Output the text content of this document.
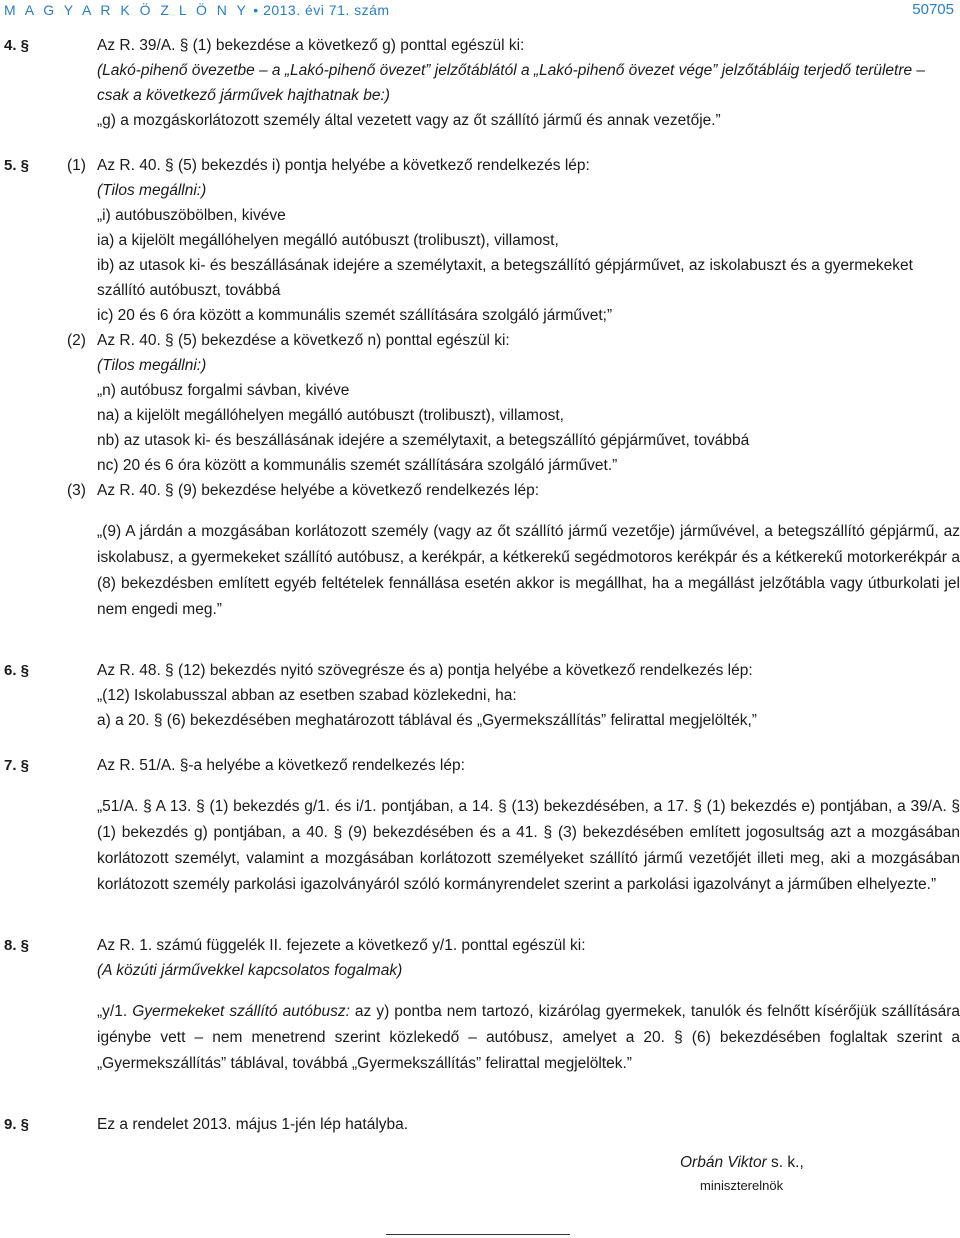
M A G Y A R K Ö Z L Ö N Y • 2013. évi 71. szám	50705
4. §	Az R. 39/A. § (1) bekezdése a következő g) ponttal egészül ki:

(Lakó-pihenő övezetbe – a „Lakó-pihenő övezet” jelzőtáblától a „Lakó-pihenő övezet vége” jelzőtábláig terjedő területre –

csak a következő járművek hajthatnak be:)

„g) a mozgáskorlátozott személy által vezetett vagy az őt szállító jármű és annak vezetője.”

5. §	(1) Az R. 40. § (5) bekezdés i) pontja helyébe a következő rendelkezés lép:

(Tilos megállni:)

„i) autóbuszöbölben, kivéve

ia) a kijelölt megállóhelyen megálló autóbuszt (trolibuszt), villamost,

ib) az utasok ki- és beszállásának idejére a személytaxit, a betegszállító gépjárművet, az iskolabuszt és a gyermekeket

szállító autóbuszt, továbbá

ic) 20 és 6 óra között a kommunális szemét szállítására szolgáló járművet;”

(2) Az R. 40. § (5) bekezdése a következő n) ponttal egészül ki:

(Tilos megállni:)

„n) autóbusz forgalmi sávban, kivéve

na) a kijelölt megállóhelyen megálló autóbuszt (trolibuszt), villamost,

nb) az utasok ki- és beszállásának idejére a személytaxit, a betegszállító gépjárművet, továbbá

nc) 20 és 6 óra között a kommunális szemét szállítására szolgáló járművet.”

(3) Az R. 40. § (9) bekezdése helyébe a következő rendelkezés lép:

„(9) A járdán a mozgásában korlátozott személy (vagy az őt szállító jármű vezetője) járművével, a betegszállító gépjármű, az iskolabusz, a gyermekeket szállító autóbusz, a kerékpár, a kétkerekű segédmotoros kerékpár és a kétkerekű motorkerékpár a (8) bekezdésben említett egyéb feltételek fennállása esetén akkor is megállhat, ha a megállást jelzőtábla vagy útburkolati jel nem engedi meg.”

6. §	Az R. 48. § (12) bekezdés nyitó szövegrésze és a) pontja helyébe a következő rendelkezés lép:

„(12) Iskolabusszal abban az esetben szabad közlekedni, ha:

a) a 20. § (6) bekezdésében meghatározott táblával és „Gyermekszállítás” felirattal megjelölték,”

7. §	Az R. 51/A. §-a helyébe a következő rendelkezés lép:

„51/A. § A 13. § (1) bekezdés g/1. és i/1. pontjában, a 14. § (13) bekezdésében, a 17. § (1) bekezdés e) pontjában, a 39/A. § (1) bekezdés g) pontjában, a 40. § (9) bekezdésében és a 41. § (3) bekezdésében említett jogosultság azt a mozgásában korlátozott személyt, valamint a mozgásában korlátozott személyeket szállító jármű vezetőjét illeti meg, aki a mozgásában korlátozott személy parkolási igazolványáról szóló kormányrendelet szerint a parkolási igazolványt a járműben elhelyezte.”

8. §	Az R. 1. számú függelék II. fejezete a következő y/1. ponttal egészül ki:

(A közúti járművekkel kapcsolatos fogalmak)

„y/1. Gyermekeket szállító autóbusz: az y) pontba nem tartozó, kizárólag gyermekek, tanulók és felnőtt kísérőjük szállítására igénybe vett – nem menetrend szerint közlekedő – autóbusz, amelyet a 20. § (6) bekezdésében foglaltak szerint a „Gyermekszállítás” táblával, továbbá „Gyermekszállítás” felirattal megjelöltek.”

9. §	Ez a rendelet 2013. május 1-jén lép hatályba.

Orbán Viktor s. k.,
miniszterelnök
